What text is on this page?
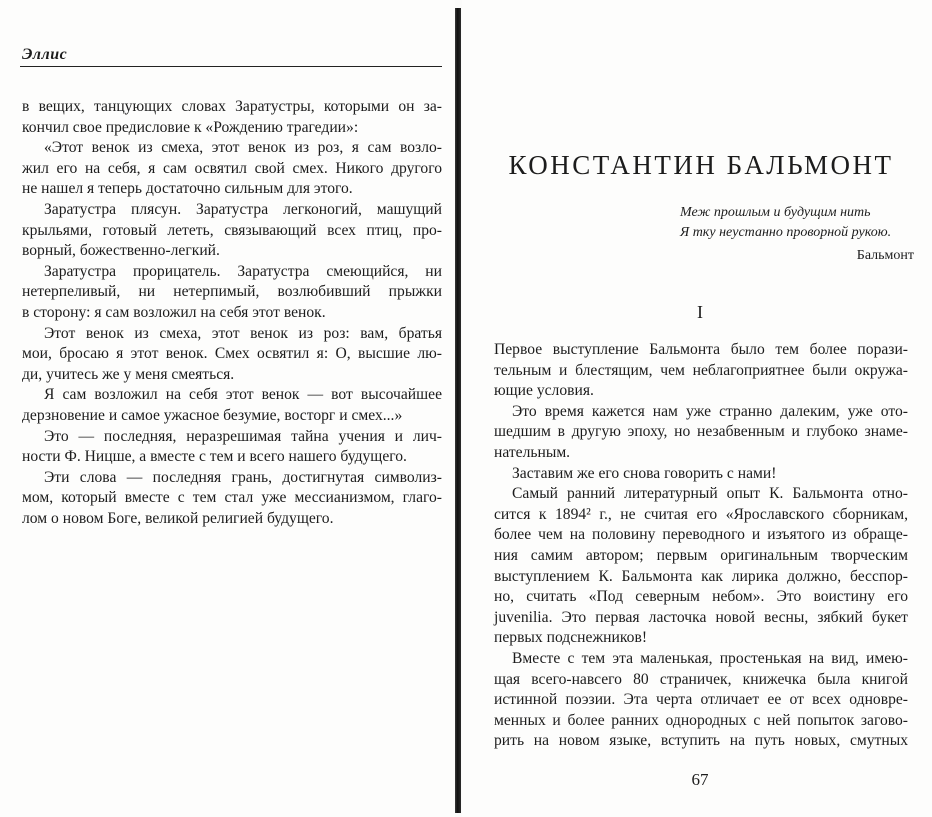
Эллис
в вещих, танцующих словах Заратустры, которыми он за-
кончил свое предисловие к «Рождению трагедии»:
«Этот венок из смеха, этот венок из роз, я сам возло-
жил его на себя, я сам освятил свой смех. Никого другого
не нашел я теперь достаточно сильным для этого.
Заратустра плясун. Заратустра легконогий, машущий
крыльями, готовый лететь, связывающий всех птиц, про-
ворный, божественно-легкий.
Заратустра прорицатель. Заратустра смеющийся, ни
нетерпеливый, ни нетерпимый, возлюбивший прыжки
в сторону: я сам возложил на себя этот венок.
Этот венок из смеха, этот венок из роз: вам, братья
мои, бросаю я этот венок. Смех освятил я: О, высшие лю-
ди, учитесь же у меня смеяться.
Я сам возложил на себя этот венок — вот высочайшее
дерзновение и самое ужасное безумие, восторг и смех...»
Это — последняя, неразрешимая тайна учения и лич-
ности Ф. Ницше, а вместе с тем и всего нашего будущего.
Эти слова — последняя грань, достигнутая символиз-
мом, который вместе с тем стал уже мессианизмом, глаго-
лом о новом Боге, великой религией будущего.
КОНСТАНТИН БАЛЬМОНТ
Меж прошлым и будущим нить
Я тку неустанно проворной рукою.
Бальмонт
I
Первое выступление Бальмонта было тем более порази-
тельным и блестящим, чем неблагоприятнее были окружа-
ющие условия.
Это время кажется нам уже странно далеким, уже ото-
шедшим в другую эпоху, но незабвенным и глубоко знаме-
нательным.
Заставим же его снова говорить с нами!
Самый ранний литературный опыт К. Бальмонта отно-
сится к 1894² г., не считая его «Ярославского сборникам,
более чем на половину переводного и изъятого из обраще-
ния самим автором; первым оригинальным творческим
выступлением К. Бальмонта как лирика должно, бесспор-
но, считать «Под северным небом». Это воистину его
juvenilia. Это первая ласточка новой весны, зябкий букет
первых подснежников!
Вместе с тем эта маленькая, простенькая на вид, имею-
щая всего-навсего 80 страничек, книжечка была книгой
истинной поэзии. Эта черта отличает ее от всех одновре-
менных и более ранних однородных с ней попыток загово-
рить на новом языке, вступить на путь новых, смутных
67
